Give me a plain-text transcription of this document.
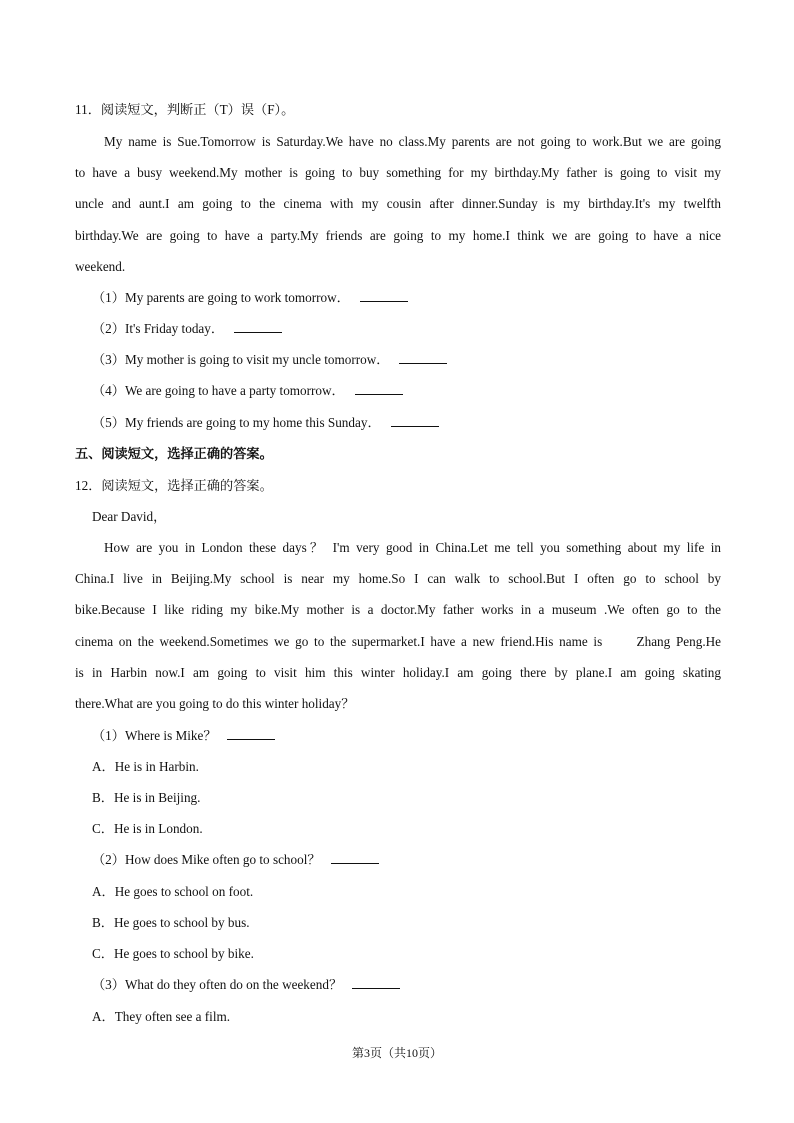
11．阅读短文，判断正（T）误（F）。
My name is Sue.Tomorrow is Saturday.We have no class.My parents are not going to work.But we are going
to have a busy weekend.My mother is going to buy something for my birthday.My father is going to visit my
uncle and aunt.I am going to the cinema with my cousin after dinner.Sunday is my birthday.It's my twelfth
birthday.We are going to have a party.My friends are going to my home.I think we are going to have a nice
weekend.
（1）My parents are going to work tomorrow．
（2）It's Friday today．
（3）My mother is going to visit my uncle tomorrow．
（4）We are going to have a party tomorrow．
（5）My friends are going to my home this Sunday．
五、阅读短文，选择正确的答案。
12．阅读短文，选择正确的答案。
Dear David，
How are you in London these days？ I'm very good in China.Let me tell you something about my life in
China.I live in Beijing.My school is near my home.So I can walk to school.But I often go to school by
bike.Because I like riding my bike.My mother is a doctor.My father works in a museum .We often go to the
cinema on the weekend.Sometimes we go to the supermarket.I have a new friend.His name is      Zhang Peng.He
is in Harbin now.I am going to visit him this winter holiday.I am going there by plane.I am going skating
there.What are you going to do this winter holiday？
（1）Where is Mike？
A．He is in Harbin.
B．He is in Beijing.
C．He is in London.
（2）How does Mike often go to school？
A．He goes to school on foot.
B．He goes to school by bus.
C．He goes to school by bike.
（3）What do they often do on the weekend？
A．They often see a film.
第3页（共10页）
